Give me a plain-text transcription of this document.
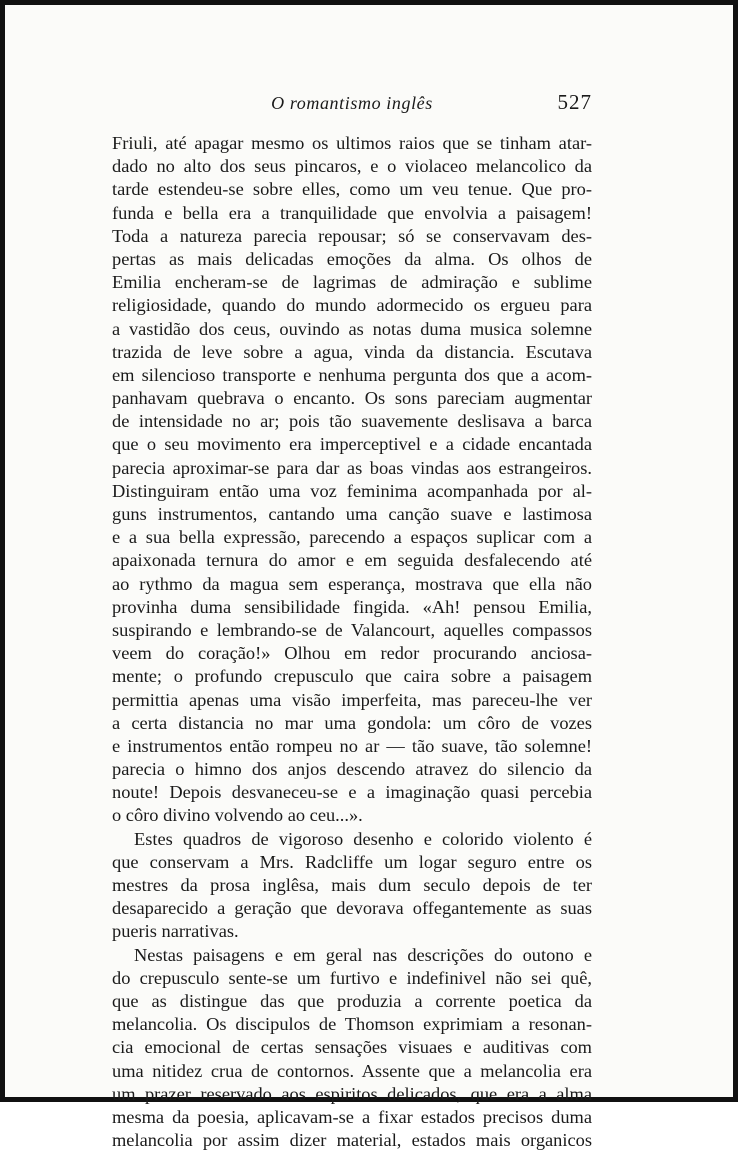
O romantismo inglês	527
Friuli, até apagar mesmo os ultimos raios que se tinham atar-
dado no alto dos seus pincaros, e o violaceo melancolico da
tarde estendeu-se sobre elles, como um veu tenue. Que pro-
funda e bella era a tranquilidade que envolvia a paisagem!
Toda a natureza parecia repousar; só se conservavam des-
pertas as mais delicadas emoções da alma. Os olhos de
Emilia encheram-se de lagrimas de admiração e sublime
religiosidade, quando do mundo adormecido os ergueu para
a vastidão dos ceus, ouvindo as notas duma musica solemne
trazida de leve sobre a agua, vinda da distancia. Escutava
em silencioso transporte e nenhuma pergunta dos que a acom-
panhavam quebrava o encanto. Os sons pareciam augmentar
de intensidade no ar; pois tão suavemente deslisava a barca
que o seu movimento era imperceptivel e a cidade encantada
parecia aproximar-se para dar as boas vindas aos estrangeiros.
Distinguiram então uma voz feminima acompanhada por al-
guns instrumentos, cantando uma canção suave e lastimosa
e a sua bella expressão, parecendo a espaços suplicar com a
apaixonada ternura do amor e em seguida desfalecendo até
ao rythmo da magua sem esperança, mostrava que ella não
provinha duma sensibilidade fingida. «Ah! pensou Emilia,
suspirando e lembrando-se de Valancourt, aquelles compassos
veem do coração!» Olhou em redor procurando anciosa-
mente; o profundo crepusculo que caira sobre a paisagem
permittia apenas uma visão imperfeita, mas pareceu-lhe ver
a certa distancia no mar uma gondola: um côro de vozes
e instrumentos então rompeu no ar — tão suave, tão solemne!
parecia o himno dos anjos descendo atravez do silencio da
noute! Depois desvaneceu-se e a imaginação quasi percebia
o côro divino volvendo ao ceu...».
Estes quadros de vigoroso desenho e colorido violento é
que conservam a Mrs. Radcliffe um logar seguro entre os
mestres da prosa inglêsa, mais dum seculo depois de ter
desaparecido a geração que devorava offegantemente as suas
pueris narrativas.
Nestas paisagens e em geral nas descrições do outono e
do crepusculo sente-se um furtivo e indefinivel não sei quê,
que as distingue das que produzia a corrente poetica da
melancolia. Os discipulos de Thomson exprimiam a resonan-
cia emocional de certas sensações visuaes e auditivas com
uma nitidez crua de contornos. Assente que a melancolia era
um prazer reservado aos espiritos delicados, que era a alma
mesma da poesia, aplicavam-se a fixar estados precisos duma
melancolia por assim dizer material, estados mais organicos
